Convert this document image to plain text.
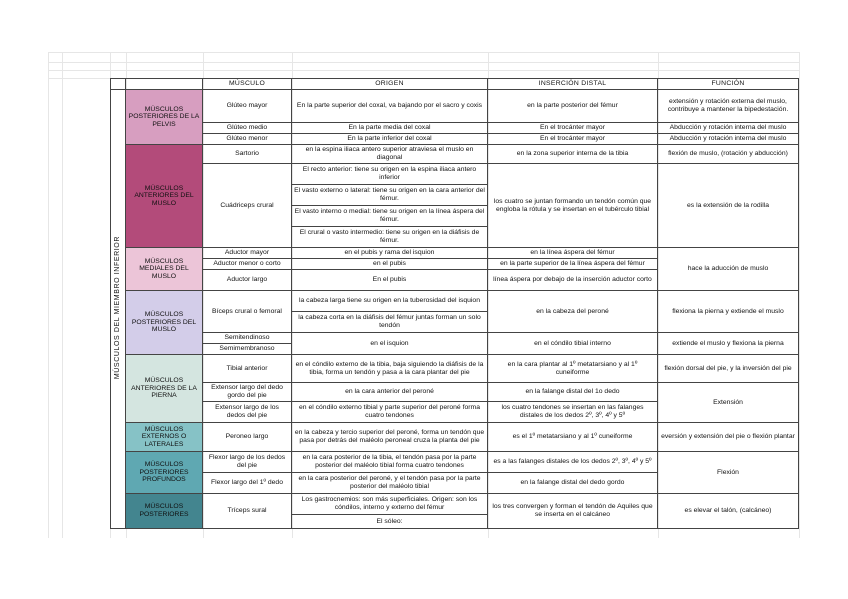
		MÚSCULO	ORIGEN	INSERCIÓN DISTAL	FUNCIÓN
MÚSCULOS DEL MIEMBRO INFERIOR	MÚSCULOS POSTERIORES DE LA PELVIS	Glúteo mayor	En la parte superior del coxal, va bajando por el sacro y coxis	en la parte posterior del fémur	extensión y rotación externa del muslo, contribuye a mantener la bipedestación.
		Glúteo medio	En la parte media del coxal	En el trocánter mayor	Abducción y rotación interna del muslo
		Glúteo menor	En la parte inferior del coxal	En el trocánter mayor	Abducción y rotación interna del muslo
	MÚSCULOS ANTERIORES DEL MUSLO	Sartorio	en la espina iliaca antero superior atraviesa el muslo en diagonal	en la zona superior interna de la tibia	flexión de muslo, (rotación y abducción)
		Cuádriceps crural	El recto anterior: tiene su origen en la espina iliaca antero inferior	los cuatro se juntan formando un tendón común que engloba la rótula y se insertan en el tubérculo tibial	es la extensión de la rodilla
			El vasto externo o lateral: tiene su origen en la cara anterior del fémur.		
			El vasto interno o medial: tiene su origen en la línea áspera del fémur.		
			El crural o vasto intermedio: tiene su origen en la diáfisis de fémur.		
	MÚSCULOS MEDIALES DEL MUSLO	Aductor mayor	en el pubis y rama del isquion	en la línea áspera del fémur	hace la aducción de muslo
		Aductor menor o corto	en el pubis	en la parte superior de la línea áspera del fémur	
		Aductor largo	En el pubis	línea áspera por debajo de la inserción aductor corto	
	MÚSCULOS POSTERIORES DEL MUSLO	Bíceps crural o femoral	la cabeza larga tiene su origen en la tuberosidad del isquion	en la cabeza del peroné	flexiona la pierna y extiende el muslo
			la cabeza corta en la diáfisis del fémur juntas forman un solo tendón		
		Semitendinoso	en el isquion	en el cóndilo tibial interno	extiende el muslo y flexiona la pierna
		Semimembranoso			
	MÚSCULOS ANTERIORES DE LA PIERNA	Tibial anterior	en el cóndilo externo de la tibia, baja siguiendo la diáfisis de la tibia, forma un tendón y pasa a la cara plantar del pie	en la cara plantar al 1º metatarsiano y al 1º cuneiforme	flexión dorsal del pie, y la inversión del pie
		Extensor largo del dedo gordo del pie	en la cara anterior del peroné	en la falange distal del 1o dedo	Extensión
		Extensor largo de los dedos del pie	en el cóndilo externo tibial y parte superior del peroné forma cuatro tendones	los cuatro tendones se insertan en las falanges distales de los dedos 2º, 3º, 4º y 5º	
	MÚSCULOS EXTERNOS O LATERALES	Peroneo largo	en la cabeza y tercio superior del peroné, forma un tendón que pasa por detrás del maléolo peroneal cruza la planta del pie	es el 1º metatarsiano y al 1º cuneiforme	eversión y extensión del pie o flexión plantar
	MÚSCULOS POSTERIORES PROFUNDOS	Flexor largo de los dedos del pie	en la cara posterior de la tibia, el tendón pasa por la parte posterior del maléolo tibial forma cuatro tendones	es a las falanges distales de los dedos 2º, 3º, 4º y 5º	Flexión
		Flexor largo del 1º dedo	en la cara posterior del peroné, y el tendón pasa por la parte posterior del maléolo tibial	en la falange distal del dedo gordo	
	MÚSCULOS POSTERIORES	Tríceps sural	Los gastrocnemios: son más superficiales. Origen: son los cóndilos, interno y externo del fémur	los tres convergen y forman el tendón de Aquiles que se inserta en el calcáneo	es elevar el talón, (calcáneo)
			El sóleo:		
